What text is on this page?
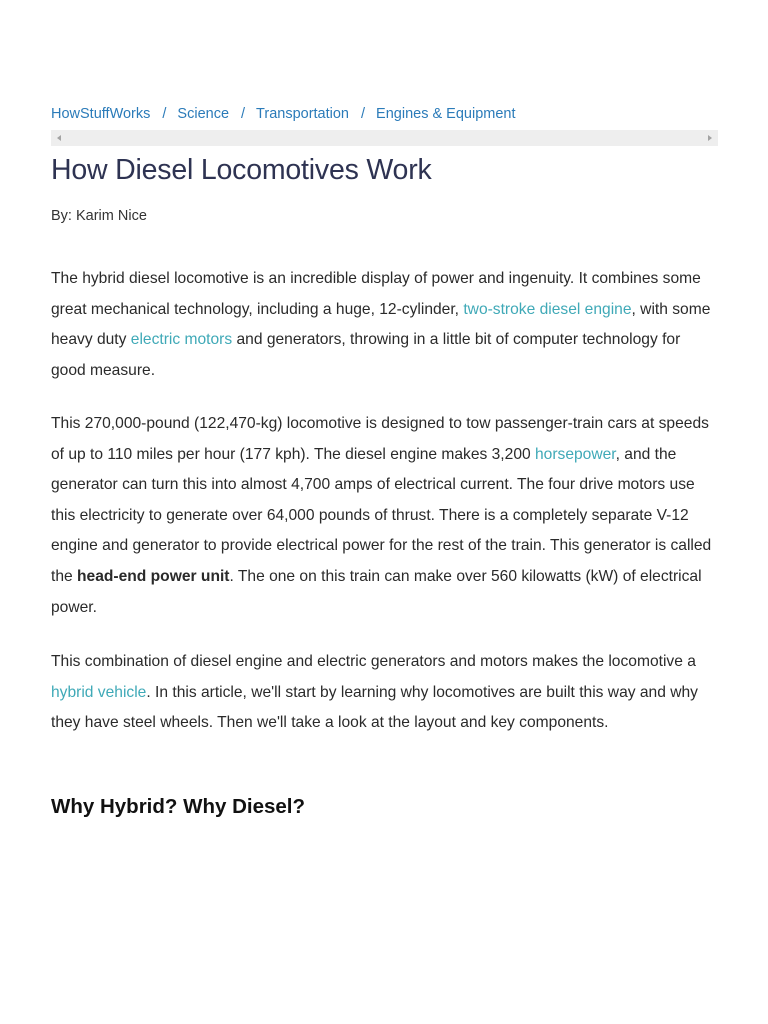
HowStuffWorks / Science / Transportation / Engines & Equipment
How Diesel Locomotives Work
By: Karim Nice

The hybrid diesel locomotive is an incredible display of power and ingenuity. It combines some great mechanical technology, including a huge, 12-cylinder, two-stroke diesel engine, with some heavy duty electric motors and generators, throwing in a little bit of computer technology for good measure.

This 270,000-pound (122,470-kg) locomotive is designed to tow passenger-train cars at speeds of up to 110 miles per hour (177 kph). The diesel engine makes 3,200 horsepower, and the generator can turn this into almost 4,700 amps of electrical current. The four drive motors use this electricity to generate over 64,000 pounds of thrust. There is a completely separate V-12 engine and generator to provide electrical power for the rest of the train. This generator is called the head-end power unit. The one on this train can make over 560 kilowatts (kW) of electrical power.

This combination of diesel engine and electric generators and motors makes the locomotive a hybrid vehicle. In this article, we'll start by learning why locomotives are built this way and why they have steel wheels. Then we'll take a look at the layout and key components.

Why Hybrid? Why Diesel?
